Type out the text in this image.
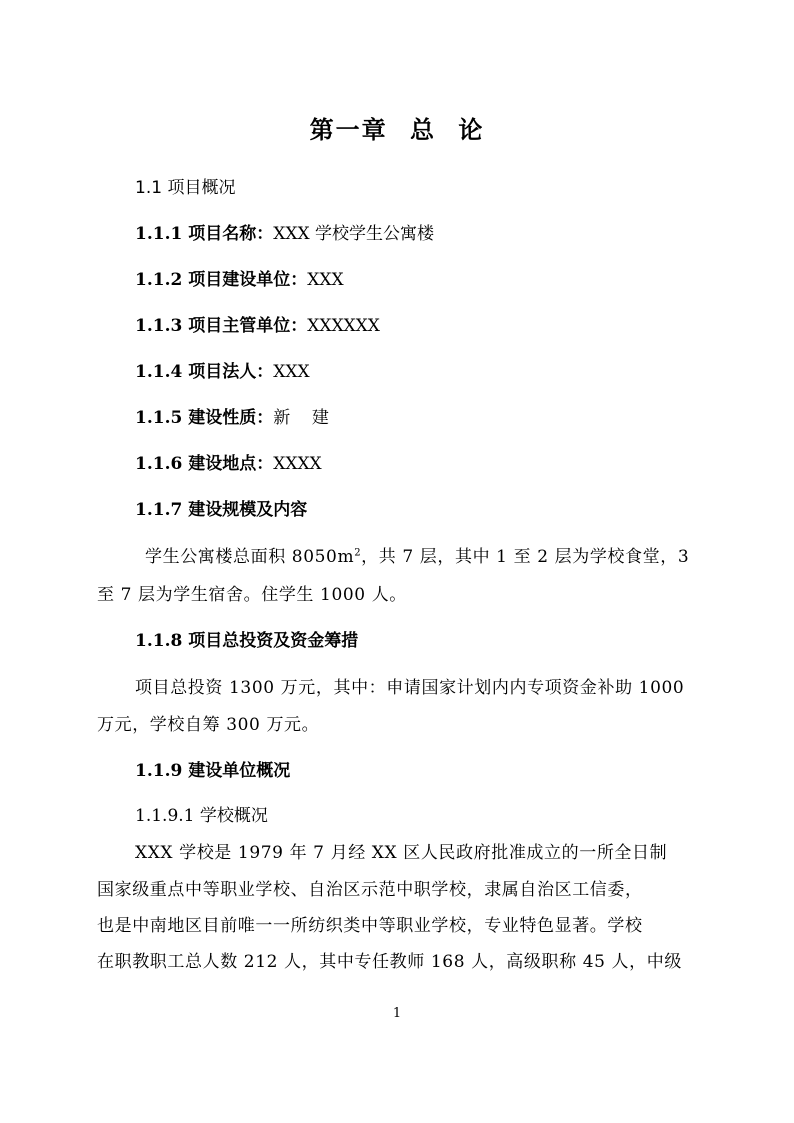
第一章 总 论
1.1 项目概况
1.1.1 项目名称：XXX 学校学生公寓楼
1.1.2 项目建设单位：XXX
1.1.3 项目主管单位：XXXXXX
1.1.4 项目法人：XXX
1.1.5 建设性质：新    建
1.1.6 建设地点：XXXX
1.1.7 建设规模及内容
学生公寓楼总面积 $8050m^2$，共 7 层，其中 1 至 2 层为学校食堂，3
至 7 层为学生宿舍。住学生 1000 人。
1.1.8 项目总投资及资金筹措
项目总投资 1300 万元，其中：申请国家计划内内专项资金补助 1000
万元，学校自筹 300 万元。
1.1.9 建设单位概况
1.1.9.1 学校概况
XXX 学校是 1979 年 7 月经 XX 区人民政府批准成立的一所全日制
国家级重点中等职业学校、自治区示范中职学校，隶属自治区工信委，
也是中南地区目前唯一一所纺织类中等职业学校，专业特色显著。学校
在职教职工总人数 212 人，其中专任教师 168 人，高级职称 45 人，中级
1
